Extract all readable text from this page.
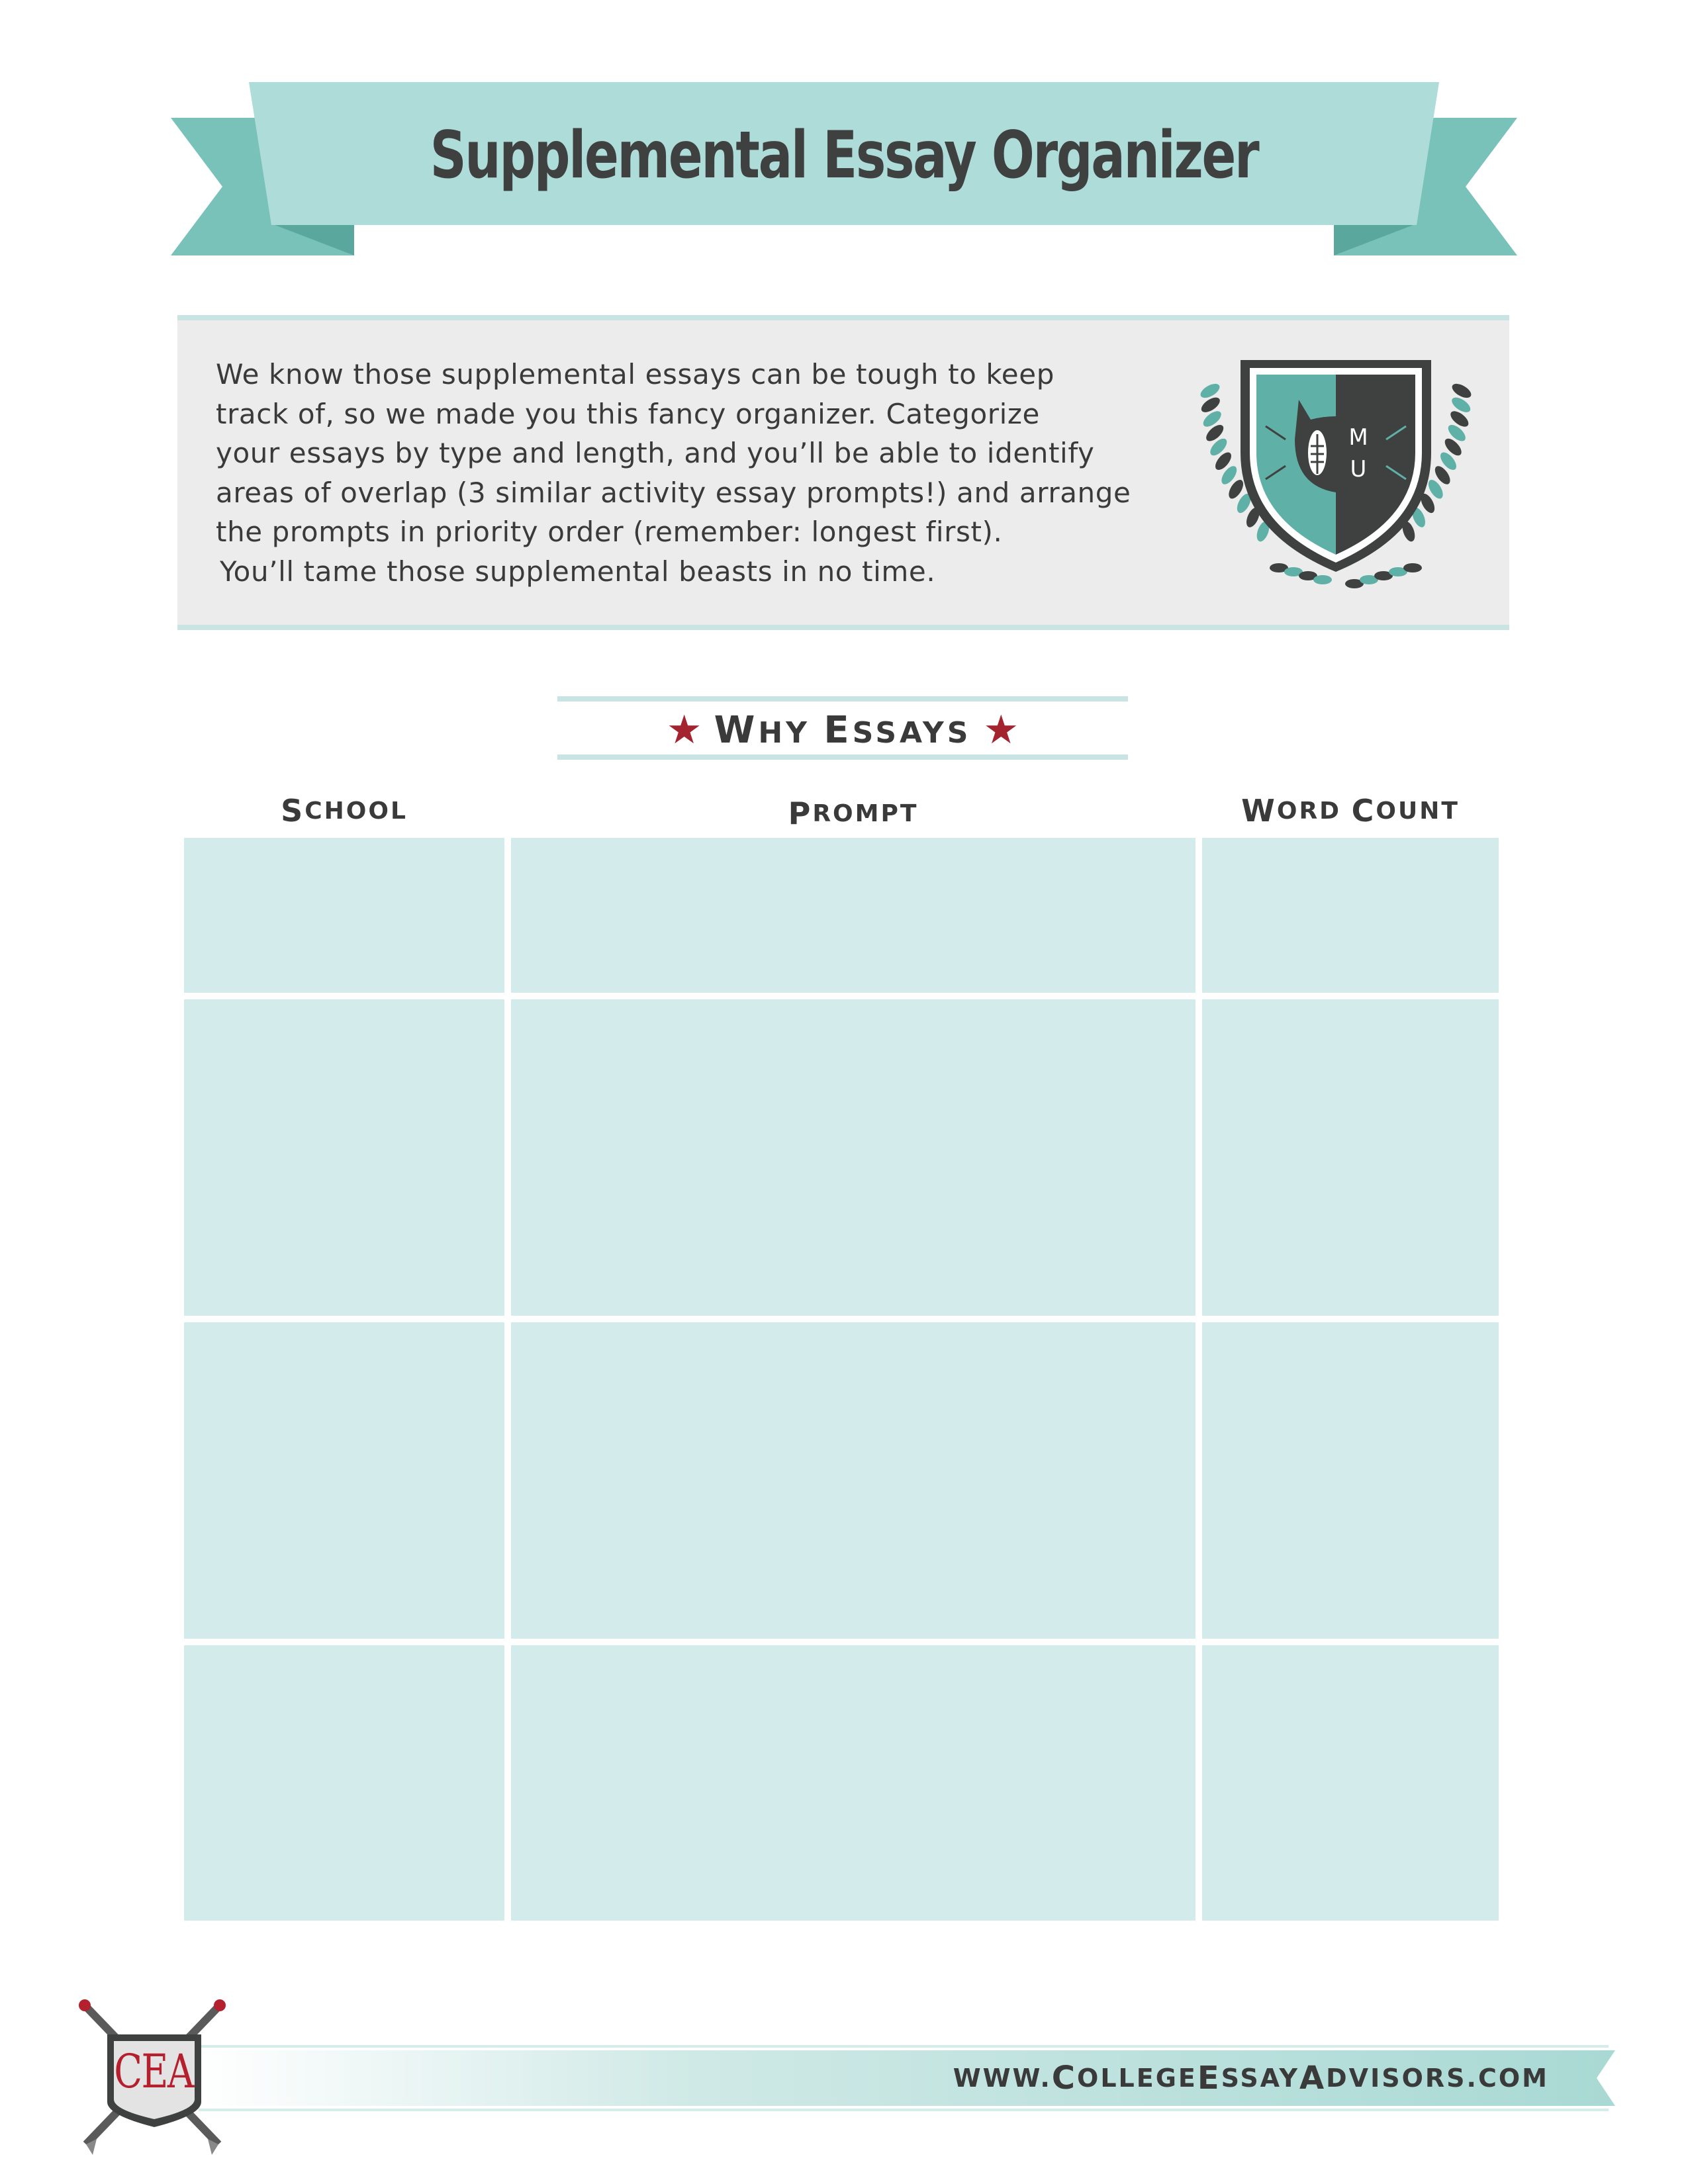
Supplemental Essay Organizer
We know those supplemental essays can be tough to keep
track of, so we made you this fancy organizer. Categorize
your essays by type and length, and you’ll be able to identify
areas of overlap (3 similar activity essay prompts!) and arrange
the prompts in priority order (remember: longest first).
You’ll tame those supplemental beasts in no time.
M
U
★ WHY ESSAYS ★
S CHOOL	P ROMPT	W ORD C OUNT
CEA	WWW. C OLLEGE E SSAY A DVISORS .COM
